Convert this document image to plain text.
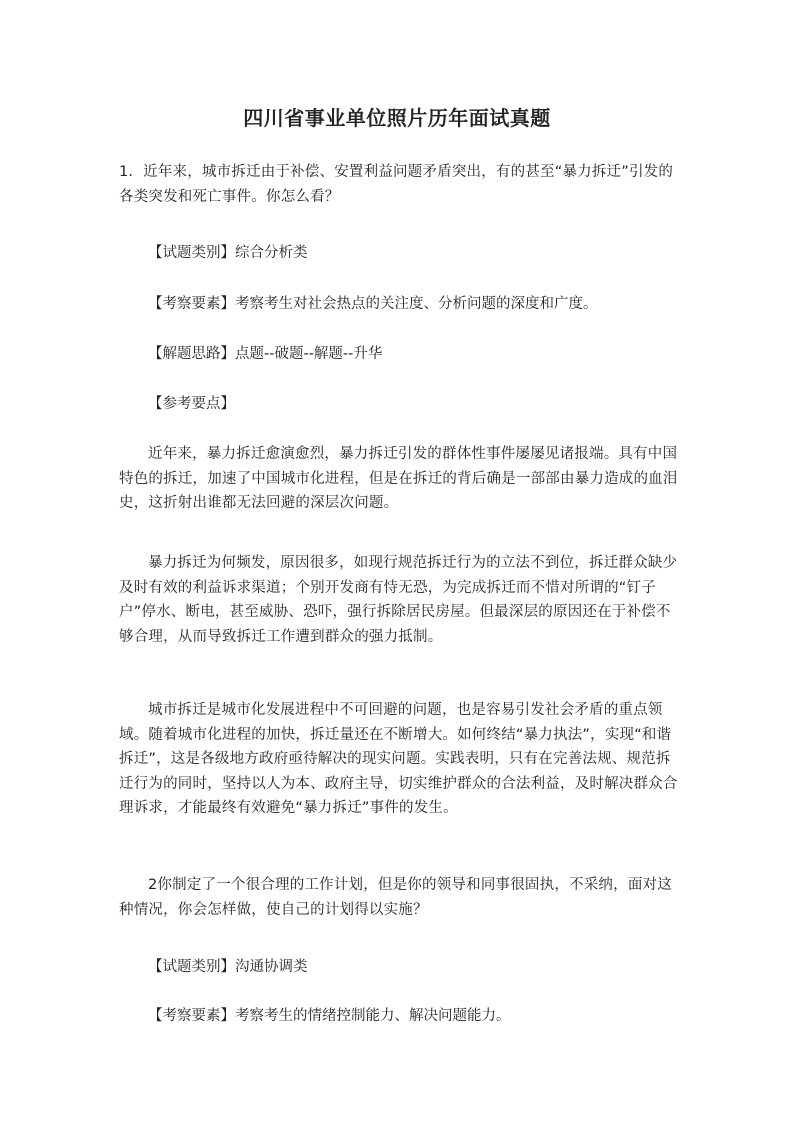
四川省事业单位照片历年面试真题

1．近年来，城市拆迁由于补偿、安置利益问题矛盾突出，有的甚至“暴力拆迁”引发的各类突发和死亡事件。你怎么看？

【试题类别】综合分析类

【考察要素】考察考生对社会热点的关注度、分析问题的深度和广度。

【解题思路】点题--破题--解题--升华

【参考要点】

近年来，暴力拆迁愈演愈烈，暴力拆迁引发的群体性事件屡屡见诸报端。具有中国特色的拆迁，加速了中国城市化进程，但是在拆迁的背后确是一部部由暴力造成的血泪史，这折射出谁都无法回避的深层次问题。

暴力拆迁为何频发，原因很多，如现行规范拆迁行为的立法不到位，拆迁群众缺少及时有效的利益诉求渠道；个别开发商有恃无恐，为完成拆迁而不惜对所谓的“钉子户”停水、断电，甚至威胁、恐吓，强行拆除居民房屋。但最深层的原因还在于补偿不够合理，从而导致拆迁工作遭到群众的强力抵制。

城市拆迁是城市化发展进程中不可回避的问题，也是容易引发社会矛盾的重点领域。随着城市化进程的加快，拆迁量还在不断增大。如何终结“暴力执法”，实现“和谐拆迁”，这是各级地方政府亟待解决的现实问题。实践表明，只有在完善法规、规范拆迁行为的同时，坚持以人为本、政府主导，切实维护群众的合法利益，及时解决群众合理诉求，才能最终有效避免“暴力拆迁”事件的发生。

2你制定了一个很合理的工作计划，但是你的领导和同事很固执，不采纳，面对这种情况，你会怎样做，使自己的计划得以实施？

【试题类别】沟通协调类

【考察要素】考察考生的情绪控制能力、解决问题能力。
